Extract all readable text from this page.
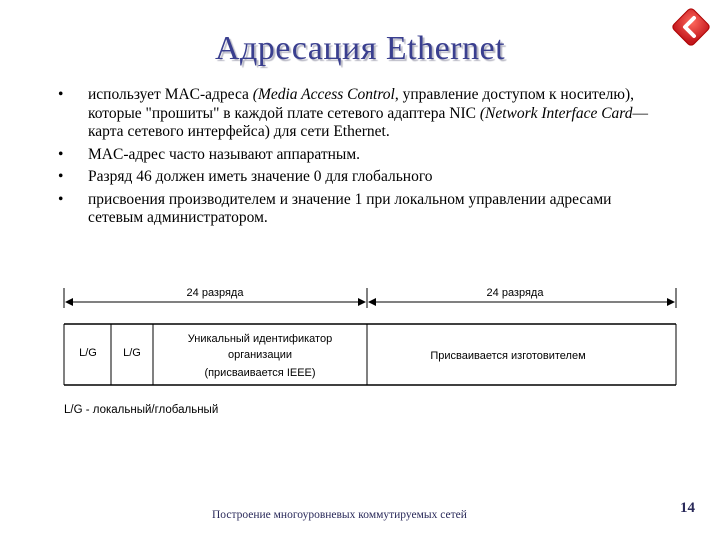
Адресация Ethernet
• использует MAC-адреса (Media Access Control, управление доступом к носителю), которые "прошиты" в каждой плате сетевого адаптера NIC (Network Interface Card— карта сетевого интерфейса) для сети Ethernet.
• MAC-адрес часто называют аппаратным.
• Разряд 46 должен иметь значение 0 для глобального
• присвоения производителем и значение 1 при локальном управлении адресами сетевым администратором.
24 разряда	24 разряда
L/G L/G
Уникальный идентификатор
организации
(присваивается IEEE)
Присваивается изготовителем
L/G - локальный/глобальный
Построение многоуровневых коммутируемых сетей	14
